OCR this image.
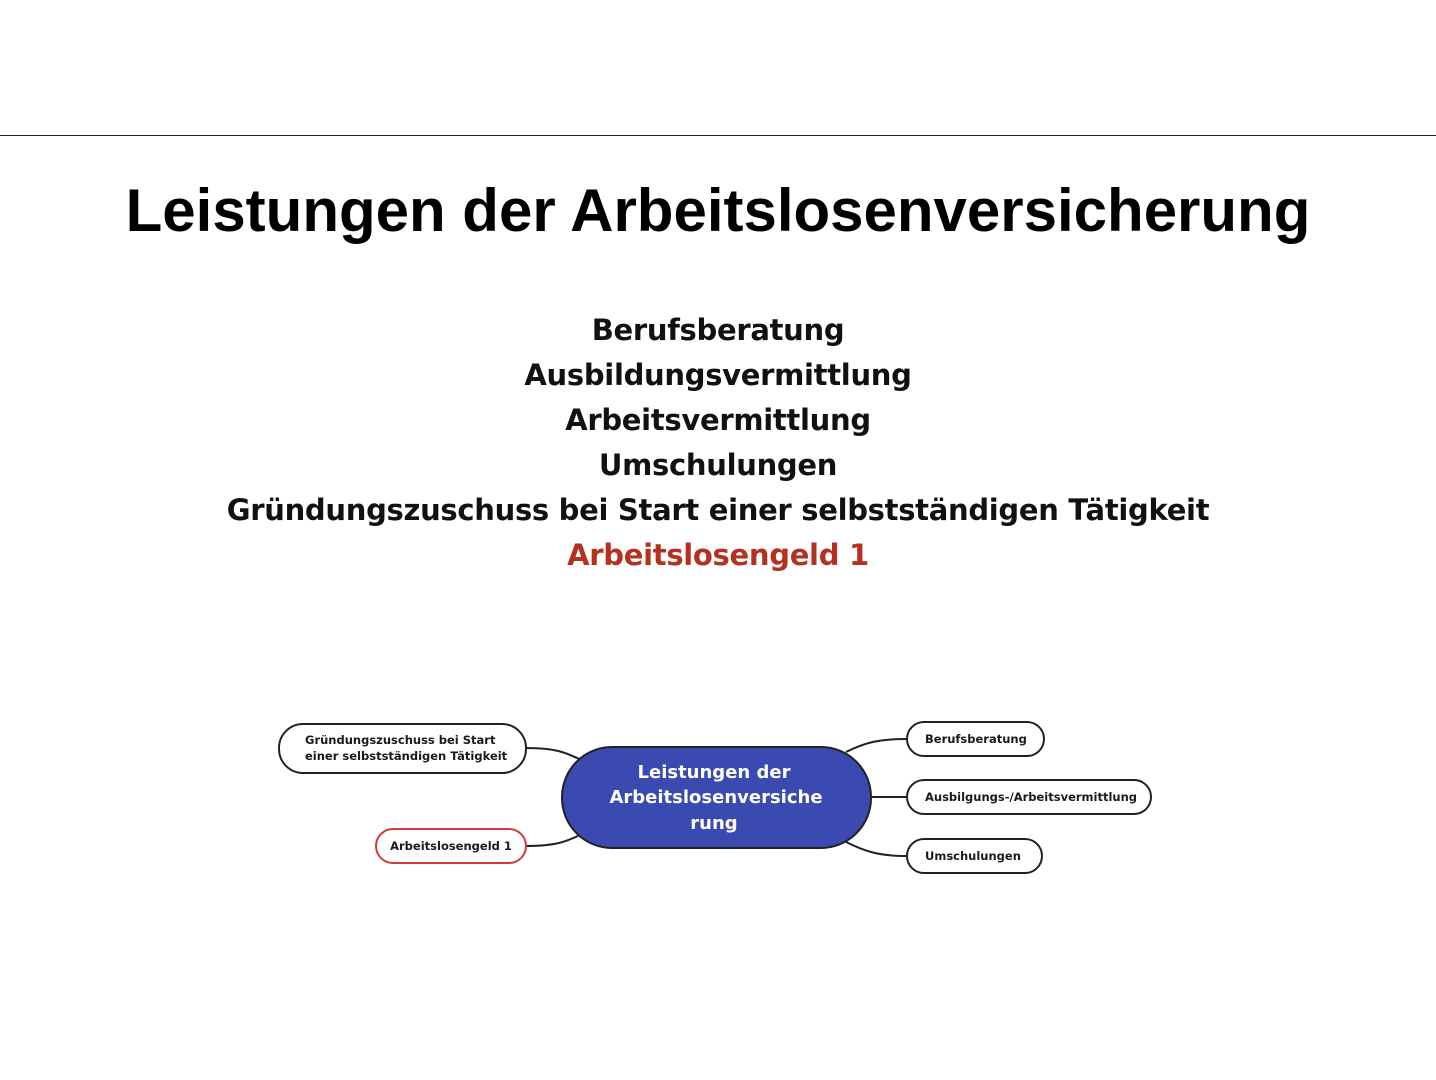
Leistungen der Arbeitslosenversicherung
Berufsberatung
Ausbildungsvermittlung
Arbeitsvermittlung
Umschulungen
Gründungszuschuss bei Start einer selbstständigen Tätigkeit
Arbeitslosengeld 1
Leistungen der
Arbeitslosenversiche
rung
Gründungszuschuss bei Start
einer selbstständigen Tätigkeit
Arbeitslosengeld 1
Berufsberatung
Ausbilgungs-/Arbeitsvermittlung
Umschulungen
